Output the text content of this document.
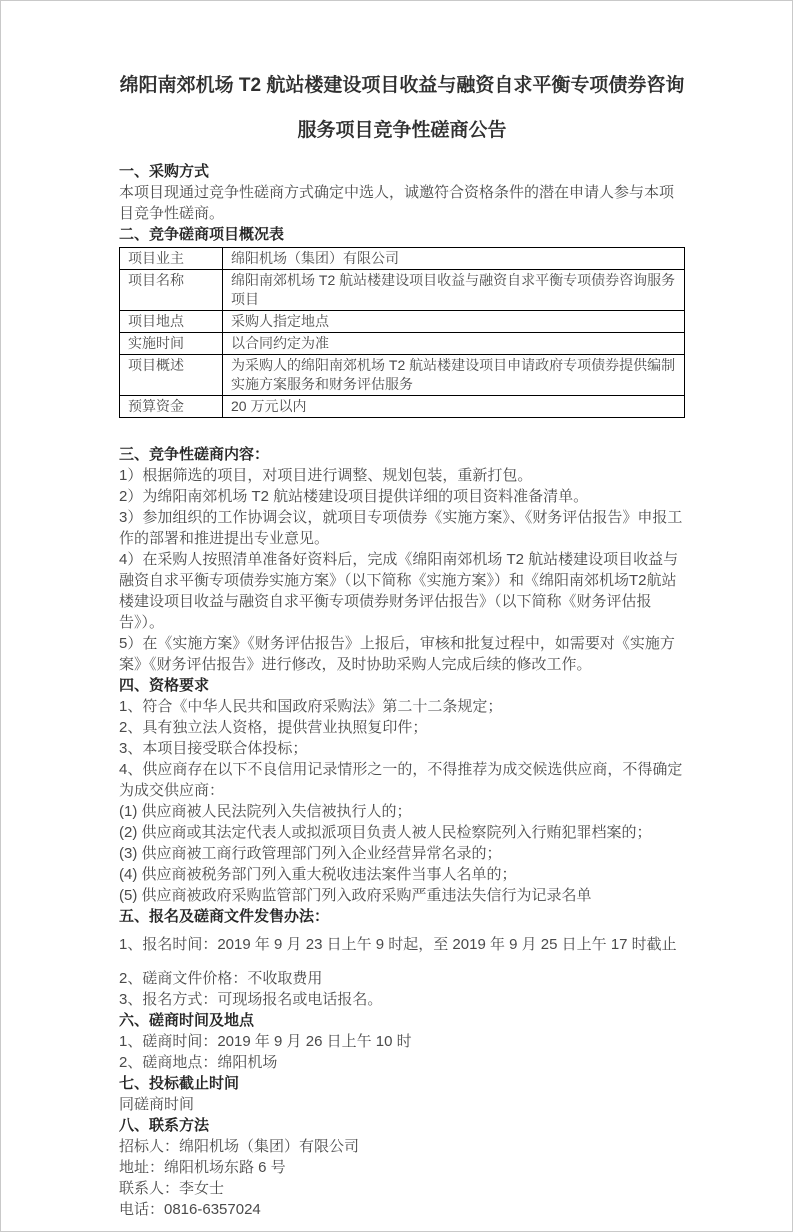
绵阳南郊机场 T2 航站楼建设项目收益与融资自求平衡专项债券咨询
服务项目竞争性磋商公告
一、采购方式
本项目现通过竞争性磋商方式确定中选人，诚邀符合资格条件的潜在申请人参与本项目竞争性磋商。
二、竞争磋商项目概况表
项目业主	绵阳机场（集团）有限公司
项目名称	绵阳南郊机场 T2 航站楼建设项目收益与融资自求平衡专项债券咨询服务项目
项目地点	采购人指定地点
实施时间	以合同约定为准
项目概述	为采购人的绵阳南郊机场 T2 航站楼建设项目申请政府专项债券提供编制实施方案服务和财务评估服务
预算资金	20 万元以内
三、竞争性磋商内容：
1）根据筛选的项目，对项目进行调整、规划包装，重新打包。
2）为绵阳南郊机场 T2 航站楼建设项目提供详细的项目资料准备清单。
3）参加组织的工作协调会议，就项目专项债券《实施方案》、《财务评估报告》申报工作的部署和推进提出专业意见。
4）在采购人按照清单准备好资料后，完成《绵阳南郊机场 T2 航站楼建设项目收益与融资自求平衡专项债券实施方案》（以下简称《实施方案》）和《绵阳南郊机场T2航站楼建设项目收益与融资自求平衡专项债券财务评估报告》（以下简称《财务评估报告》）。
5）在《实施方案》《财务评估报告》上报后，审核和批复过程中，如需要对《实施方案》《财务评估报告》进行修改，及时协助采购人完成后续的修改工作。
四、资格要求
1、符合《中华人民共和国政府采购法》第二十二条规定；
2、具有独立法人资格，提供营业执照复印件；
3、本项目接受联合体投标；
4、供应商存在以下不良信用记录情形之一的，不得推荐为成交候选供应商，不得确定为成交供应商：
(1) 供应商被人民法院列入失信被执行人的；
(2) 供应商或其法定代表人或拟派项目负责人被人民检察院列入行贿犯罪档案的；
(3) 供应商被工商行政管理部门列入企业经营异常名录的；
(4) 供应商被税务部门列入重大税收违法案件当事人名单的；
(5) 供应商被政府采购监管部门列入政府采购严重违法失信行为记录名单
五、报名及磋商文件发售办法：
1、报名时间：2019 年 9 月 23 日上午 9 时起，至 2019 年 9 月 25 日上午 17 时截止
2、磋商文件价格：不收取费用
3、报名方式：可现场报名或电话报名。
六、磋商时间及地点
1、磋商时间：2019 年 9 月 26 日上午 10 时
2、磋商地点：绵阳机场
七、投标截止时间
同磋商时间
八、联系方法
招标人：绵阳机场（集团）有限公司
地址：绵阳机场东路 6 号
联系人：李女士
电话：0816-6357024
